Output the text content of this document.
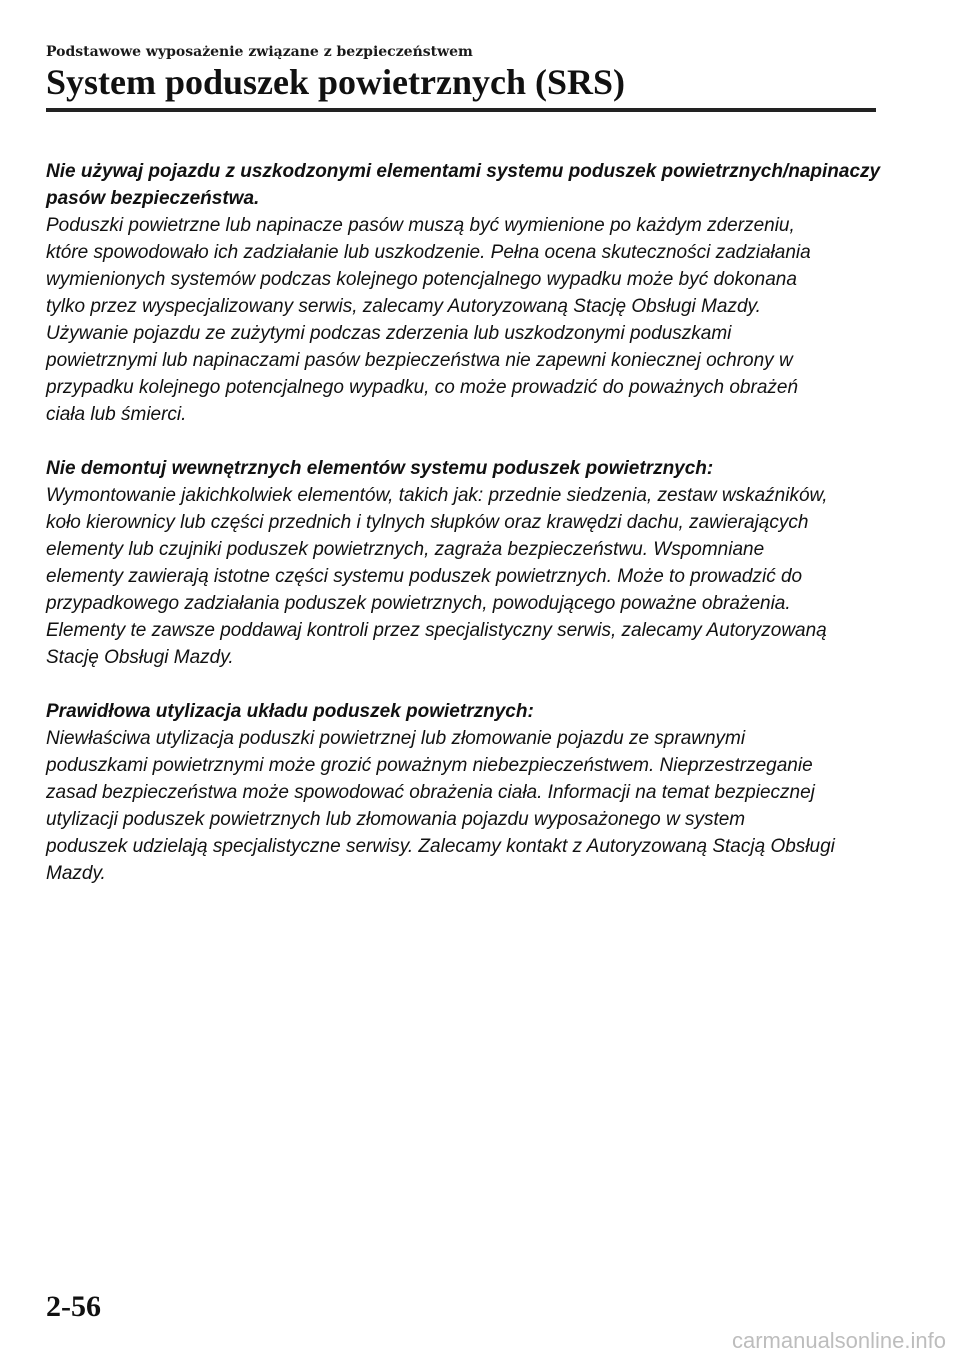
Podstawowe wyposażenie związane z bezpieczeństwem
System poduszek powietrznych (SRS)
Nie używaj pojazdu z uszkodzonymi elementami systemu poduszek powietrznych/napinaczy
pasów bezpieczeństwa.
Poduszki powietrzne lub napinacze pasów muszą być wymienione po każdym zderzeniu,
które spowodowało ich zadziałanie lub uszkodzenie. Pełna ocena skuteczności zadziałania
wymienionych systemów podczas kolejnego potencjalnego wypadku może być dokonana
tylko przez wyspecjalizowany serwis, zalecamy Autoryzowaną Stację Obsługi Mazdy.
Używanie pojazdu ze zużytymi podczas zderzenia lub uszkodzonymi poduszkami
powietrznymi lub napinaczami pasów bezpieczeństwa nie zapewni koniecznej ochrony w
przypadku kolejnego potencjalnego wypadku, co może prowadzić do poważnych obrażeń
ciała lub śmierci.
Nie demontuj wewnętrznych elementów systemu poduszek powietrznych:
Wymontowanie jakichkolwiek elementów, takich jak: przednie siedzenia, zestaw wskaźników,
koło kierownicy lub części przednich i tylnych słupków oraz krawędzi dachu, zawierających
elementy lub czujniki poduszek powietrznych, zagraża bezpieczeństwu. Wspomniane
elementy zawierają istotne części systemu poduszek powietrznych. Może to prowadzić do
przypadkowego zadziałania poduszek powietrznych, powodującego poważne obrażenia.
Elementy te zawsze poddawaj kontroli przez specjalistyczny serwis, zalecamy Autoryzowaną
Stację Obsługi Mazdy.
Prawidłowa utylizacja układu poduszek powietrznych:
Niewłaściwa utylizacja poduszki powietrznej lub złomowanie pojazdu ze sprawnymi
poduszkami powietrznymi może grozić poważnym niebezpieczeństwem. Nieprzestrzeganie
zasad bezpieczeństwa może spowodować obrażenia ciała. Informacji na temat bezpiecznej
utylizacji poduszek powietrznych lub złomowania pojazdu wyposażonego w system
poduszek udzielają specjalistyczne serwisy. Zalecamy kontakt z Autoryzowaną Stacją Obsługi
Mazdy.
2-56
carmanualsonline.info
